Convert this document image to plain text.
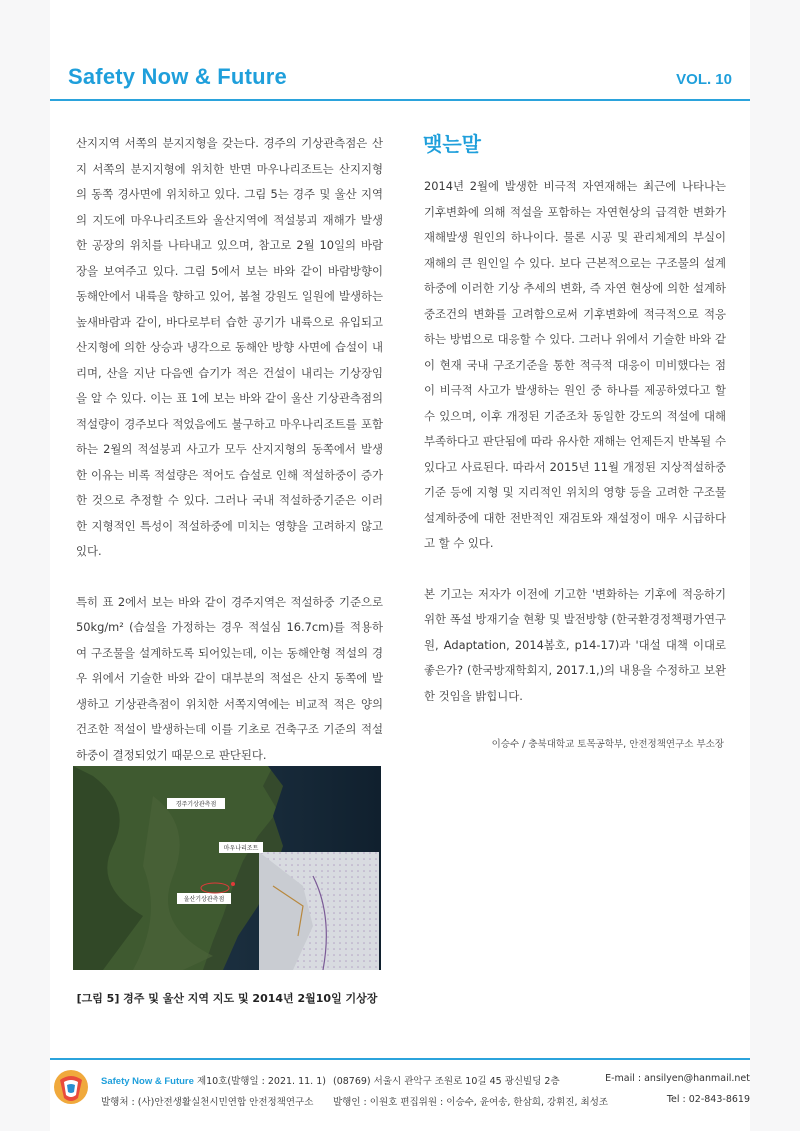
Safety Now & Future	VOL. 10

산지지역 서쪽의 분지지형을 갖는다. 경주의 기상관측점은 산지 서쪽의 분지지형에 위치한 반면 마우나리조트는 산지지형의 동쪽 경사면에 위치하고 있다. 그림 5는 경주 및 울산 지역의 지도에 마우나리조트와 울산지역에 적설붕괴 재해가 발생한 공장의 위치를 나타내고 있으며, 참고로 2월 10일의 바람장을 보여주고 있다. 그림 5에서 보는 바와 같이 바람방향이 동해안에서 내륙을 향하고 있어, 봄철 강원도 일원에 발생하는 높새바람과 같이, 바다로부터 습한 공기가 내륙으로 유입되고 산지형에 의한 상승과 냉각으로 동해안 방향 사면에 습설이 내리며, 산을 지난 다음엔 습기가 적은 건설이 내리는 기상장임을 알 수 있다. 이는 표 1에 보는 바와 같이 울산 기상관측점의 적설량이 경주보다 적었음에도 불구하고 마우나리조트를 포함하는 2월의 적설붕괴 사고가 모두 산지지형의 동쪽에서 발생한 이유는 비록 적설량은 적어도 습설로 인해 적설하중이 증가한 것으로 추정할 수 있다. 그러나 국내 적설하중기준은 이러한 지형적인 특성이 적설하중에 미치는 영향을 고려하지 않고 있다.

특히 표 2에서 보는 바와 같이 경주지역은 적설하중 기준으로 50kg/m² (습설을 가정하는 경우 적설심 16.7cm)를 적용하여 구조물을 설계하도록 되어있는데, 이는 동해안형 적설의 경우 위에서 기술한 바와 같이 대부분의 적설은 산지 동쪽에 발생하고 기상관측점이 위치한 서쪽지역에는 비교적 적은 양의 건조한 적설이 발생하는데 이를 기초로 건축구조 기준의 적설하중이 결정되었기 때문으로 판단된다.

경주기상관측점
마우나리조트
울산기상관측점
[그림 5] 경주 및 울산 지역 지도 및 2014년 2월10일 기상장
맺는말

2014년 2월에 발생한 비극적 자연재해는 최근에 나타나는 기후변화에 의해 적설을 포함하는 자연현상의 급격한 변화가 재해발생 원인의 하나이다. 물론 시공 및 관리체계의 부실이 재해의 큰 원인일 수 있다. 보다 근본적으로는 구조물의 설계하중에 이러한 기상 추세의 변화, 즉 자연 현상에 의한 설계하중조건의 변화를 고려함으로써 기후변화에 적극적으로 적응하는 방법으로 대응할 수 있다. 그러나 위에서 기술한 바와 같이 현재 국내 구조기준을 통한 적극적 대응이 미비했다는 점이 비극적 사고가 발생하는 원인 중 하나를 제공하였다고 할 수 있으며, 이후 개정된 기준조차 동일한 강도의 적설에 대해 부족하다고 판단됨에 따라 유사한 재해는 언제든지 반복될 수 있다고 사료된다. 따라서 2015년 11월 개정된 지상적설하중 기준 등에 지형 및 지리적인 위치의 영향 등을 고려한 구조물 설계하중에 대한 전반적인 재검토와 재설정이 매우 시급하다고 할 수 있다.

본 기고는 저자가 이전에 기고한 '변화하는 기후에 적응하기 위한 폭설 방재기술 현황 및 발전방향 (한국환경정책평가연구원, Adaptation, 2014봄호, p14-17)과 '대설 대책 이대로 좋은가? (한국방재학회지, 2017.1,)의 내용을 수정하고 보완한 것임을 밝힙니다.

이승수 / 충북대학교 토목공학부, 안전정책연구소 부소장
Safety Now & Future 제10호(발행일 : 2021. 11. 1) (08769) 서울시 관악구 조원로 10길 45 광신빌딩 2층	E-mail : ansilyen@hanmail.net
발행처 : (사)안전생활실천시민연합 안전정책연구소 발행인 : 이원호 편집위원 : 이승수, 윤여송, 한삼희, 강휘진, 최성조	Tel : 02-843-8619
